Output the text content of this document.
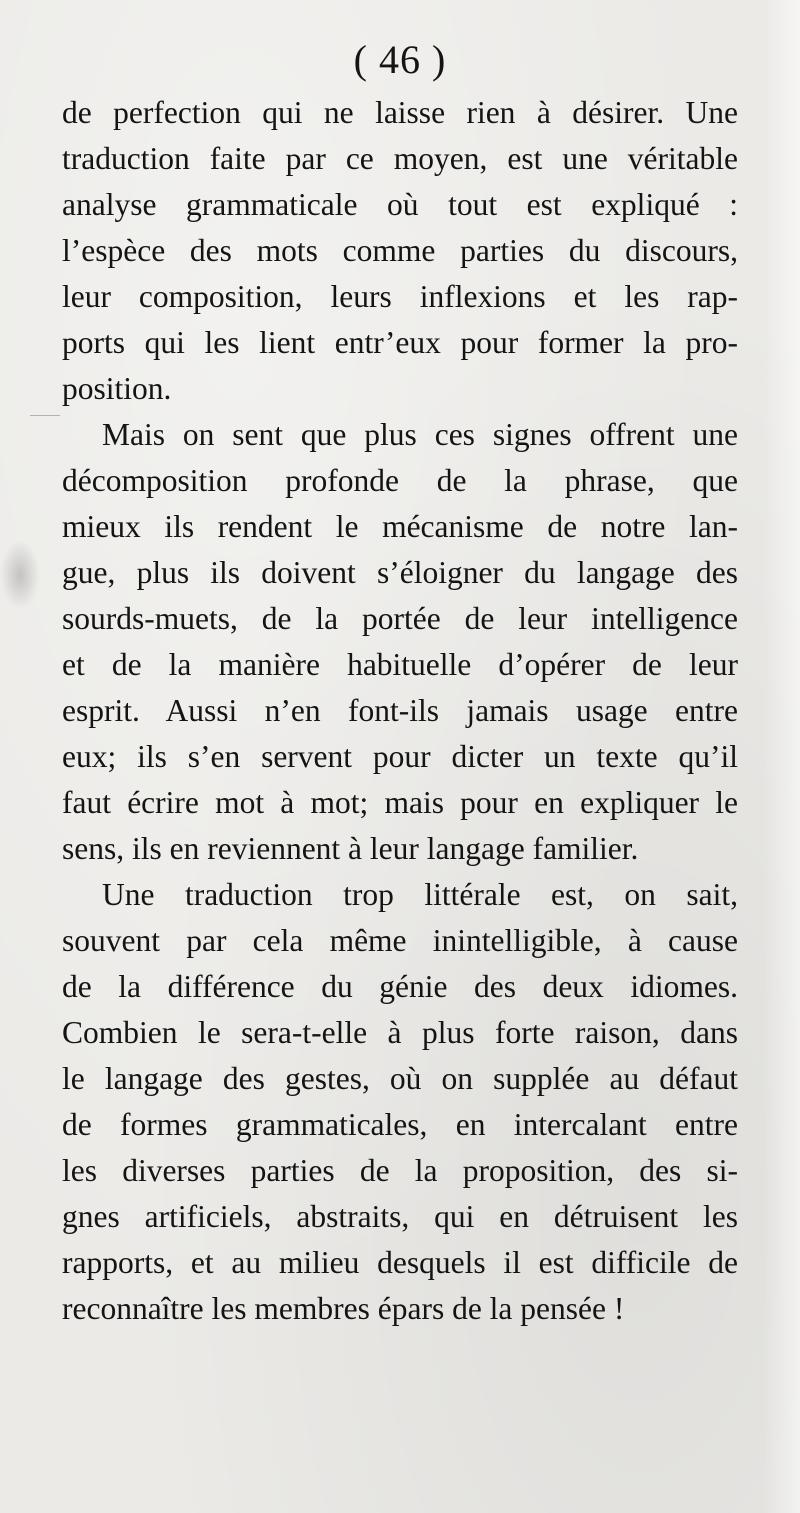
( 46 )
de perfection qui ne laisse rien à désirer. Une
traduction faite par ce moyen, est une véritable
analyse grammaticale où tout est expliqué :
l’espèce des mots comme parties du discours,
leur composition, leurs inflexions et les rap-
ports qui les lient entr’eux pour former la pro-
position.
Mais on sent que plus ces signes offrent une
décomposition profonde de la phrase, que
mieux ils rendent le mécanisme de notre lan-
gue, plus ils doivent s’éloigner du langage des
sourds-muets, de la portée de leur intelligence
et de la manière habituelle d’opérer de leur
esprit. Aussi n’en font-ils jamais usage entre
eux; ils s’en servent pour dicter un texte qu’il
faut écrire mot à mot; mais pour en expliquer le
sens, ils en reviennent à leur langage familier.
Une traduction trop littérale est, on sait,
souvent par cela même inintelligible, à cause
de la différence du génie des deux idiomes.
Combien le sera-t-elle à plus forte raison, dans
le langage des gestes, où on supplée au défaut
de formes grammaticales, en intercalant entre
les diverses parties de la proposition, des si-
gnes artificiels, abstraits, qui en détruisent les
rapports, et au milieu desquels il est difficile de
reconnaître les membres épars de la pensée !
